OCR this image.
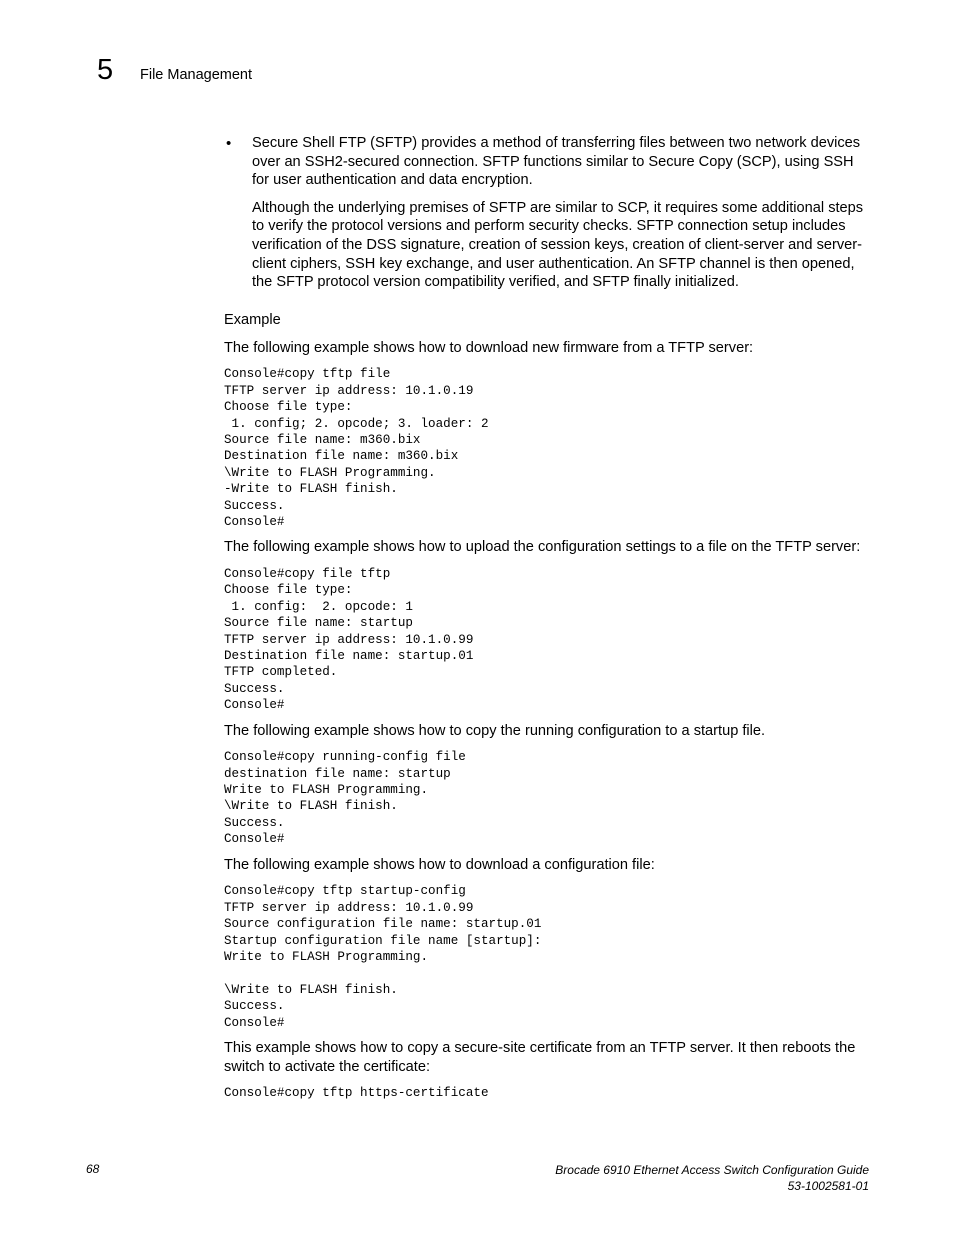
5 File Management
• Secure Shell FTP (SFTP) provides a method of transferring files between two network devices over an SSH2-secured connection. SFTP functions similar to Secure Copy (SCP), using SSH for user authentication and data encryption.

Although the underlying premises of SFTP are similar to SCP, it requires some additional steps to verify the protocol versions and perform security checks. SFTP connection setup includes verification of the DSS signature, creation of session keys, creation of client-server and server-client ciphers, SSH key exchange, and user authentication. An SFTP channel is then opened, the SFTP protocol version compatibility verified, and SFTP finally initialized.

Example

The following example shows how to download new firmware from a TFTP server:

Console#copy tftp file
TFTP server ip address: 10.1.0.19
Choose file type:
1. config; 2. opcode; 3. loader: 2
Source file name: m360.bix
Destination file name: m360.bix
\Write to FLASH Programming.
-Write to FLASH finish.
Success.
Console#

The following example shows how to upload the configuration settings to a file on the TFTP server:

Console#copy file tftp
Choose file type:
1. config:  2. opcode: 1
Source file name: startup
TFTP server ip address: 10.1.0.99
Destination file name: startup.01
TFTP completed.
Success.
Console#

The following example shows how to copy the running configuration to a startup file.

Console#copy running-config file
destination file name: startup
Write to FLASH Programming.
\Write to FLASH finish.
Success.
Console#

The following example shows how to download a configuration file:

Console#copy tftp startup-config
TFTP server ip address: 10.1.0.99
Source configuration file name: startup.01
Startup configuration file name [startup]:
Write to FLASH Programming.

\Write to FLASH finish.
Success.
Console#

This example shows how to copy a secure-site certificate from an TFTP server. It then reboots the switch to activate the certificate:

Console#copy tftp https-certificate
68	Brocade 6910 Ethernet Access Switch Configuration Guide
53-1002581-01
